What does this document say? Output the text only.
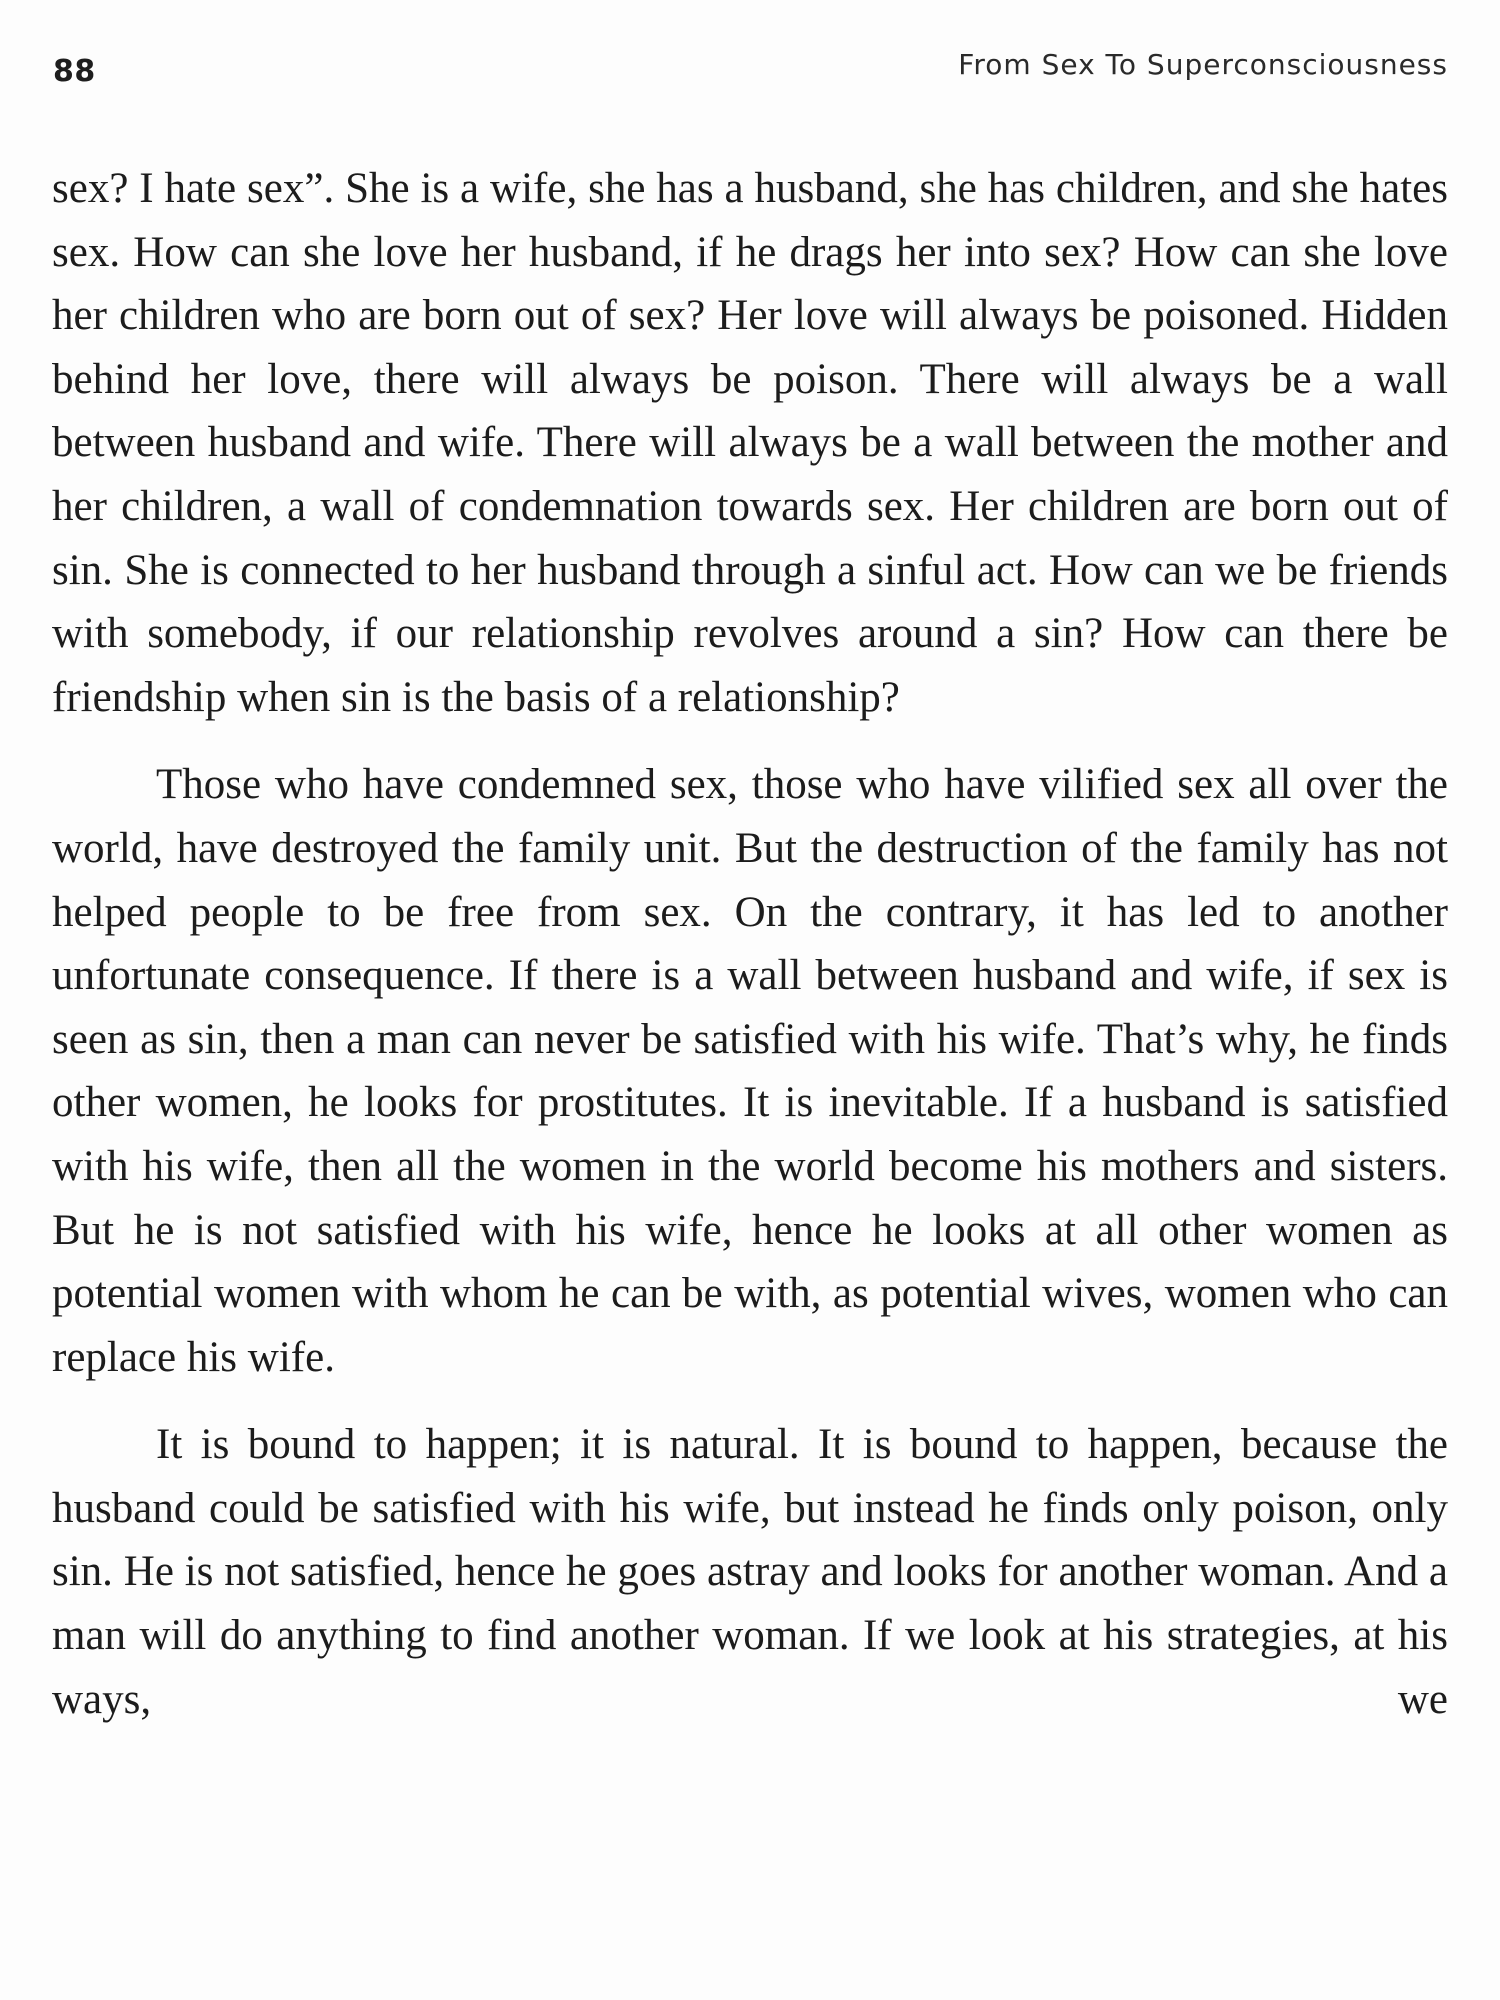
88	From Sex To Superconsciousness

sex? I hate sex”. She is a wife, she has a husband, she has children, and she hates sex. How can she love her husband, if he drags her into sex? How can she love her children who are born out of sex? Her love will always be poisoned. Hidden behind her love, there will always be poison. There will always be a wall between husband and wife. There will always be a wall between the mother and her children, a wall of condemnation towards sex. Her children are born out of sin. She is connected to her husband through a sinful act. How can we be friends with somebody, if our relationship revolves around a sin? How can there be friendship when sin is the basis of a relationship?

Those who have condemned sex, those who have vilified sex all over the world, have destroyed the family unit. But the destruction of the family has not helped people to be free from sex. On the contrary, it has led to another unfortunate consequence. If there is a wall between husband and wife, if sex is seen as sin, then a man can never be satisfied with his wife. That’s why, he finds other women, he looks for prostitutes. It is inevitable. If a husband is satisfied with his wife, then all the women in the world become his mothers and sisters. But he is not satisfied with his wife, hence he looks at all other women as potential women with whom he can be with, as potential wives, women who can replace his wife.

It is bound to happen; it is natural. It is bound to happen, because the husband could be satisfied with his wife, but instead he finds only poison, only sin. He is not satisfied, hence he goes astray and looks for another woman. And a man will do anything to find another woman. If we look at his strategies, at his ways, we
